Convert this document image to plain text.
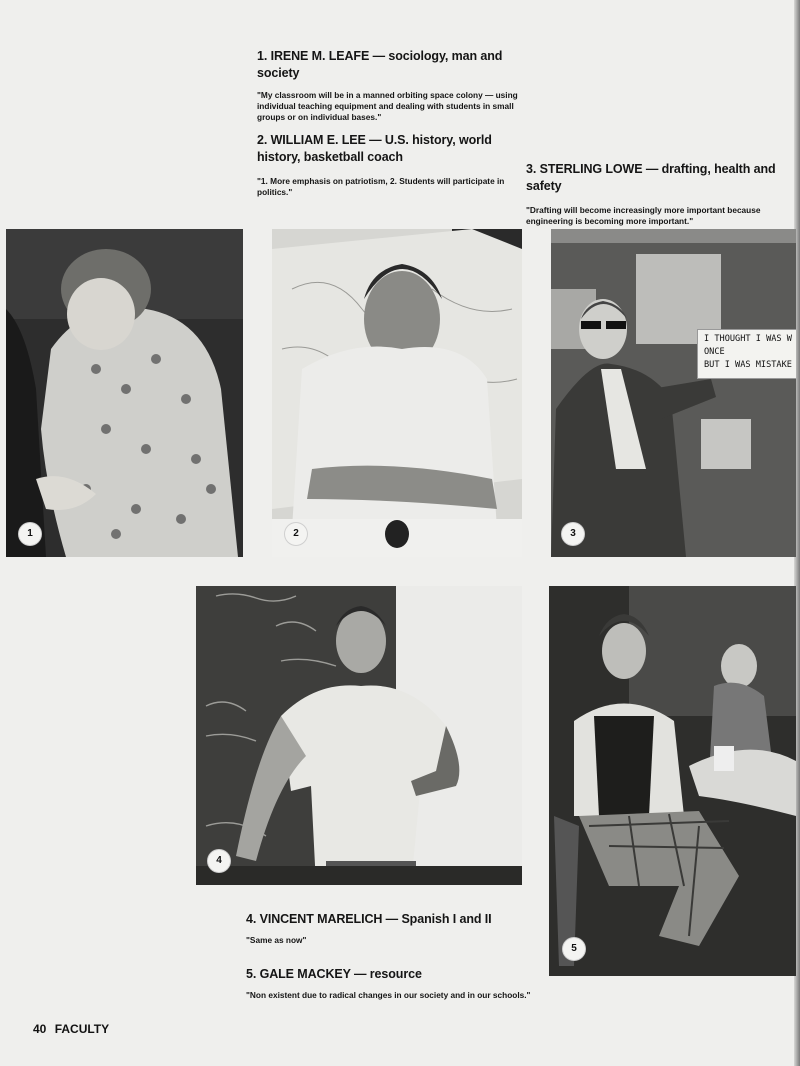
1. IRENE M. LEAFE — sociology, man and society

"My classroom will be in a manned orbiting space colony — using individual teaching equipment and dealing with students in small groups or on individual bases."

2. WILLIAM E. LEE — U.S. history, world history, basketball coach

"1. More emphasis on patriotism, 2. Students will participate in politics."

3. STERLING LOWE — drafting, health and safety

"Drafting will become increasingly more important because engineering is becoming more important."

4. VINCENT MARELICH — Spanish I and II

"Same as now"

5. GALE MACKEY — resource

"Non existent due to radical changes in our society and in our schools."

1	2
I THOUGHT I WAS W
ONCE
BUT I WAS MISTAKE
3
4
5
40 FACULTY
